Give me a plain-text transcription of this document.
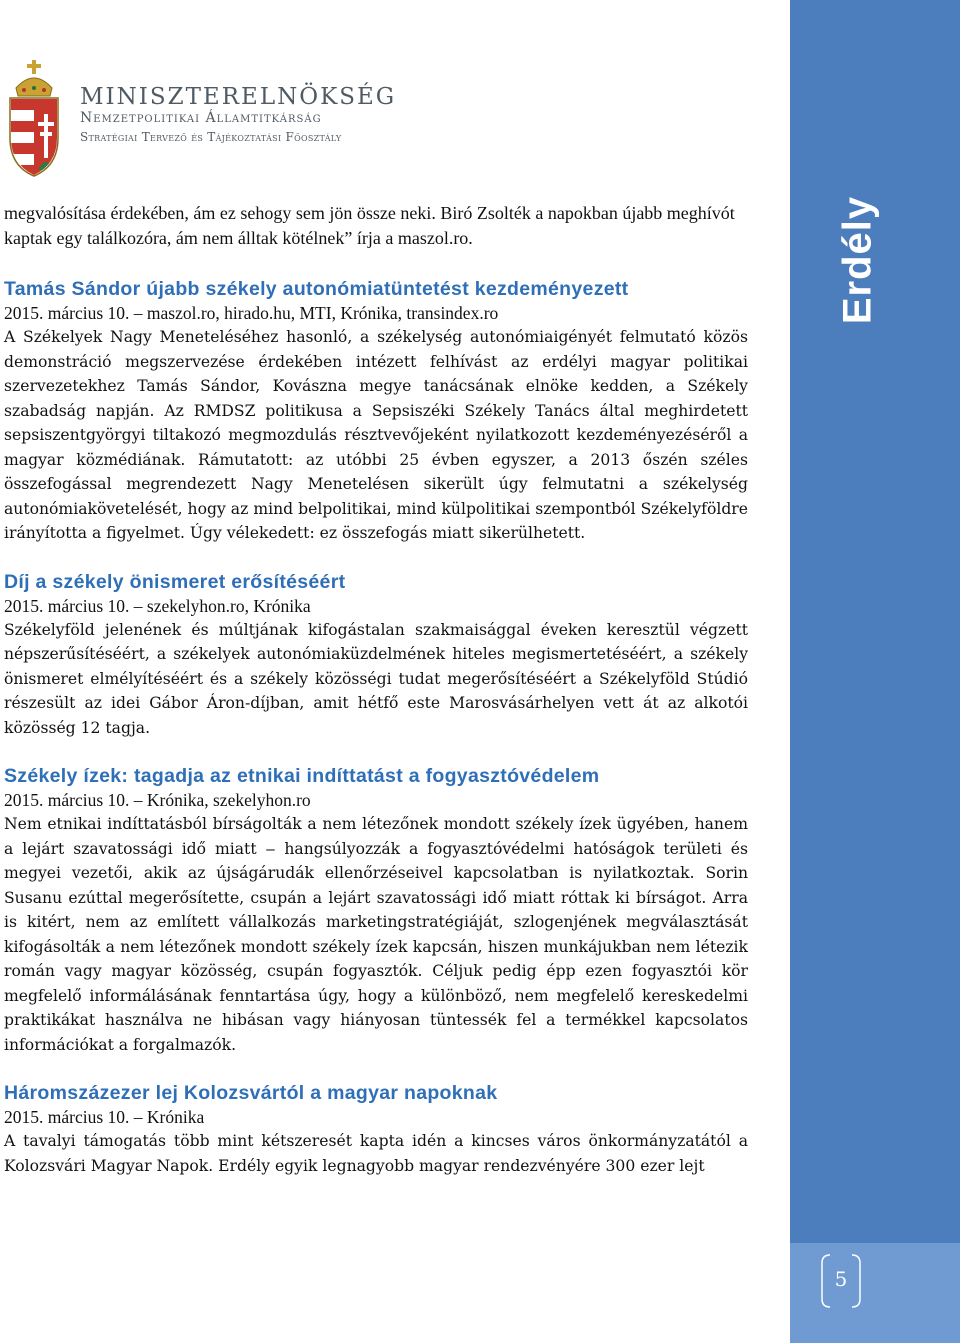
MINISZTERELNÖKSÉG
Nemzetpolitikai Államtitkárság
Stratégiai Tervező és Tájékoztatási Főosztály

megvalósítása érdekében, ám ez sehogy sem jön össze neki. Biró Zsolték a napokban újabb meghívót kaptak egy találkozóra, ám nem álltak kötélnek” írja a maszol.ro.

Tamás Sándor újabb székely autonómiatüntetést kezdeményezett
2015. március 10. ‒ maszol.ro, hirado.hu, MTI, Krónika, transindex.ro

A Székelyek Nagy Meneteléséhez hasonló, a székelység autonómiaigényét felmutató közös demonstráció megszervezése érdekében intézett felhívást az erdélyi magyar politikai szervezetekhez Tamás Sándor, Kovászna megye tanácsának elnöke kedden, a Székely szabadság napján. Az RMDSZ politikusa a Sepsiszéki Székely Tanács által meghirdetett sepsiszentgyörgyi tiltakozó megmozdulás résztvevőjeként nyilatkozott kezdeményezéséről a magyar közmédiának. Rámutatott: az utóbbi 25 évben egyszer, a 2013 őszén széles összefogással megrendezett Nagy Menetelésen sikerült úgy felmutatni a székelység autonómiakövetelését, hogy az mind belpolitikai, mind külpolitikai szempontból Székelyföldre irányította a figyelmet. Úgy vélekedett: ez összefogás miatt sikerülhetett.

Díj a székely önismeret erősítéséért
2015. március 10. ‒ szekelyhon.ro, Krónika

Székelyföld jelenének és múltjának kifogástalan szakmaisággal éveken keresztül végzett népszerűsítéséért, a székelyek autonómiaküzdelmének hiteles megismertetéséért, a székely önismeret elmélyítéséért és a székely közösségi tudat megerősítéséért a Székelyföld Stúdió részesült az idei Gábor Áron-díjban, amit hétfő este Marosvásárhelyen vett át az alkotói közösség 12 tagja.

Székely ízek: tagadja az etnikai indíttatást a fogyasztóvédelem
2015. március 10. ‒ Krónika, szekelyhon.ro

Nem etnikai indíttatásból bírságolták a nem létezőnek mondott székely ízek ügyében, hanem a lejárt szavatossági idő miatt ‒ hangsúlyozzák a fogyasztóvédelmi hatóságok területi és megyei vezetői, akik az újságárudák ellenőrzéseivel kapcsolatban is nyilatkoztak. Sorin Susanu ezúttal megerősítette, csupán a lejárt szavatossági idő miatt róttak ki bírságot. Arra is kitért, nem az említett vállalkozás marketingstratégiáját, szlogenjének megválasztását kifogásolták a nem létezőnek mondott székely ízek kapcsán, hiszen munkájukban nem létezik román vagy magyar közösség, csupán fogyasztók. Céljuk pedig épp ezen fogyasztói kör megfelelő informálásának fenntartása úgy, hogy a különböző, nem megfelelő kereskedelmi praktikákat használva ne hibásan vagy hiányosan tüntessék fel a termékkel kapcsolatos információkat a forgalmazók.

Háromszázezer lej Kolozsvártól a magyar napoknak
2015. március 10. ‒ Krónika

A tavalyi támogatás több mint kétszeresét kapta idén a kincses város önkormányzatától a Kolozsvári Magyar Napok. Erdély egyik legnagyobb magyar rendezvényére 300 ezer lejt

Erdély
5
